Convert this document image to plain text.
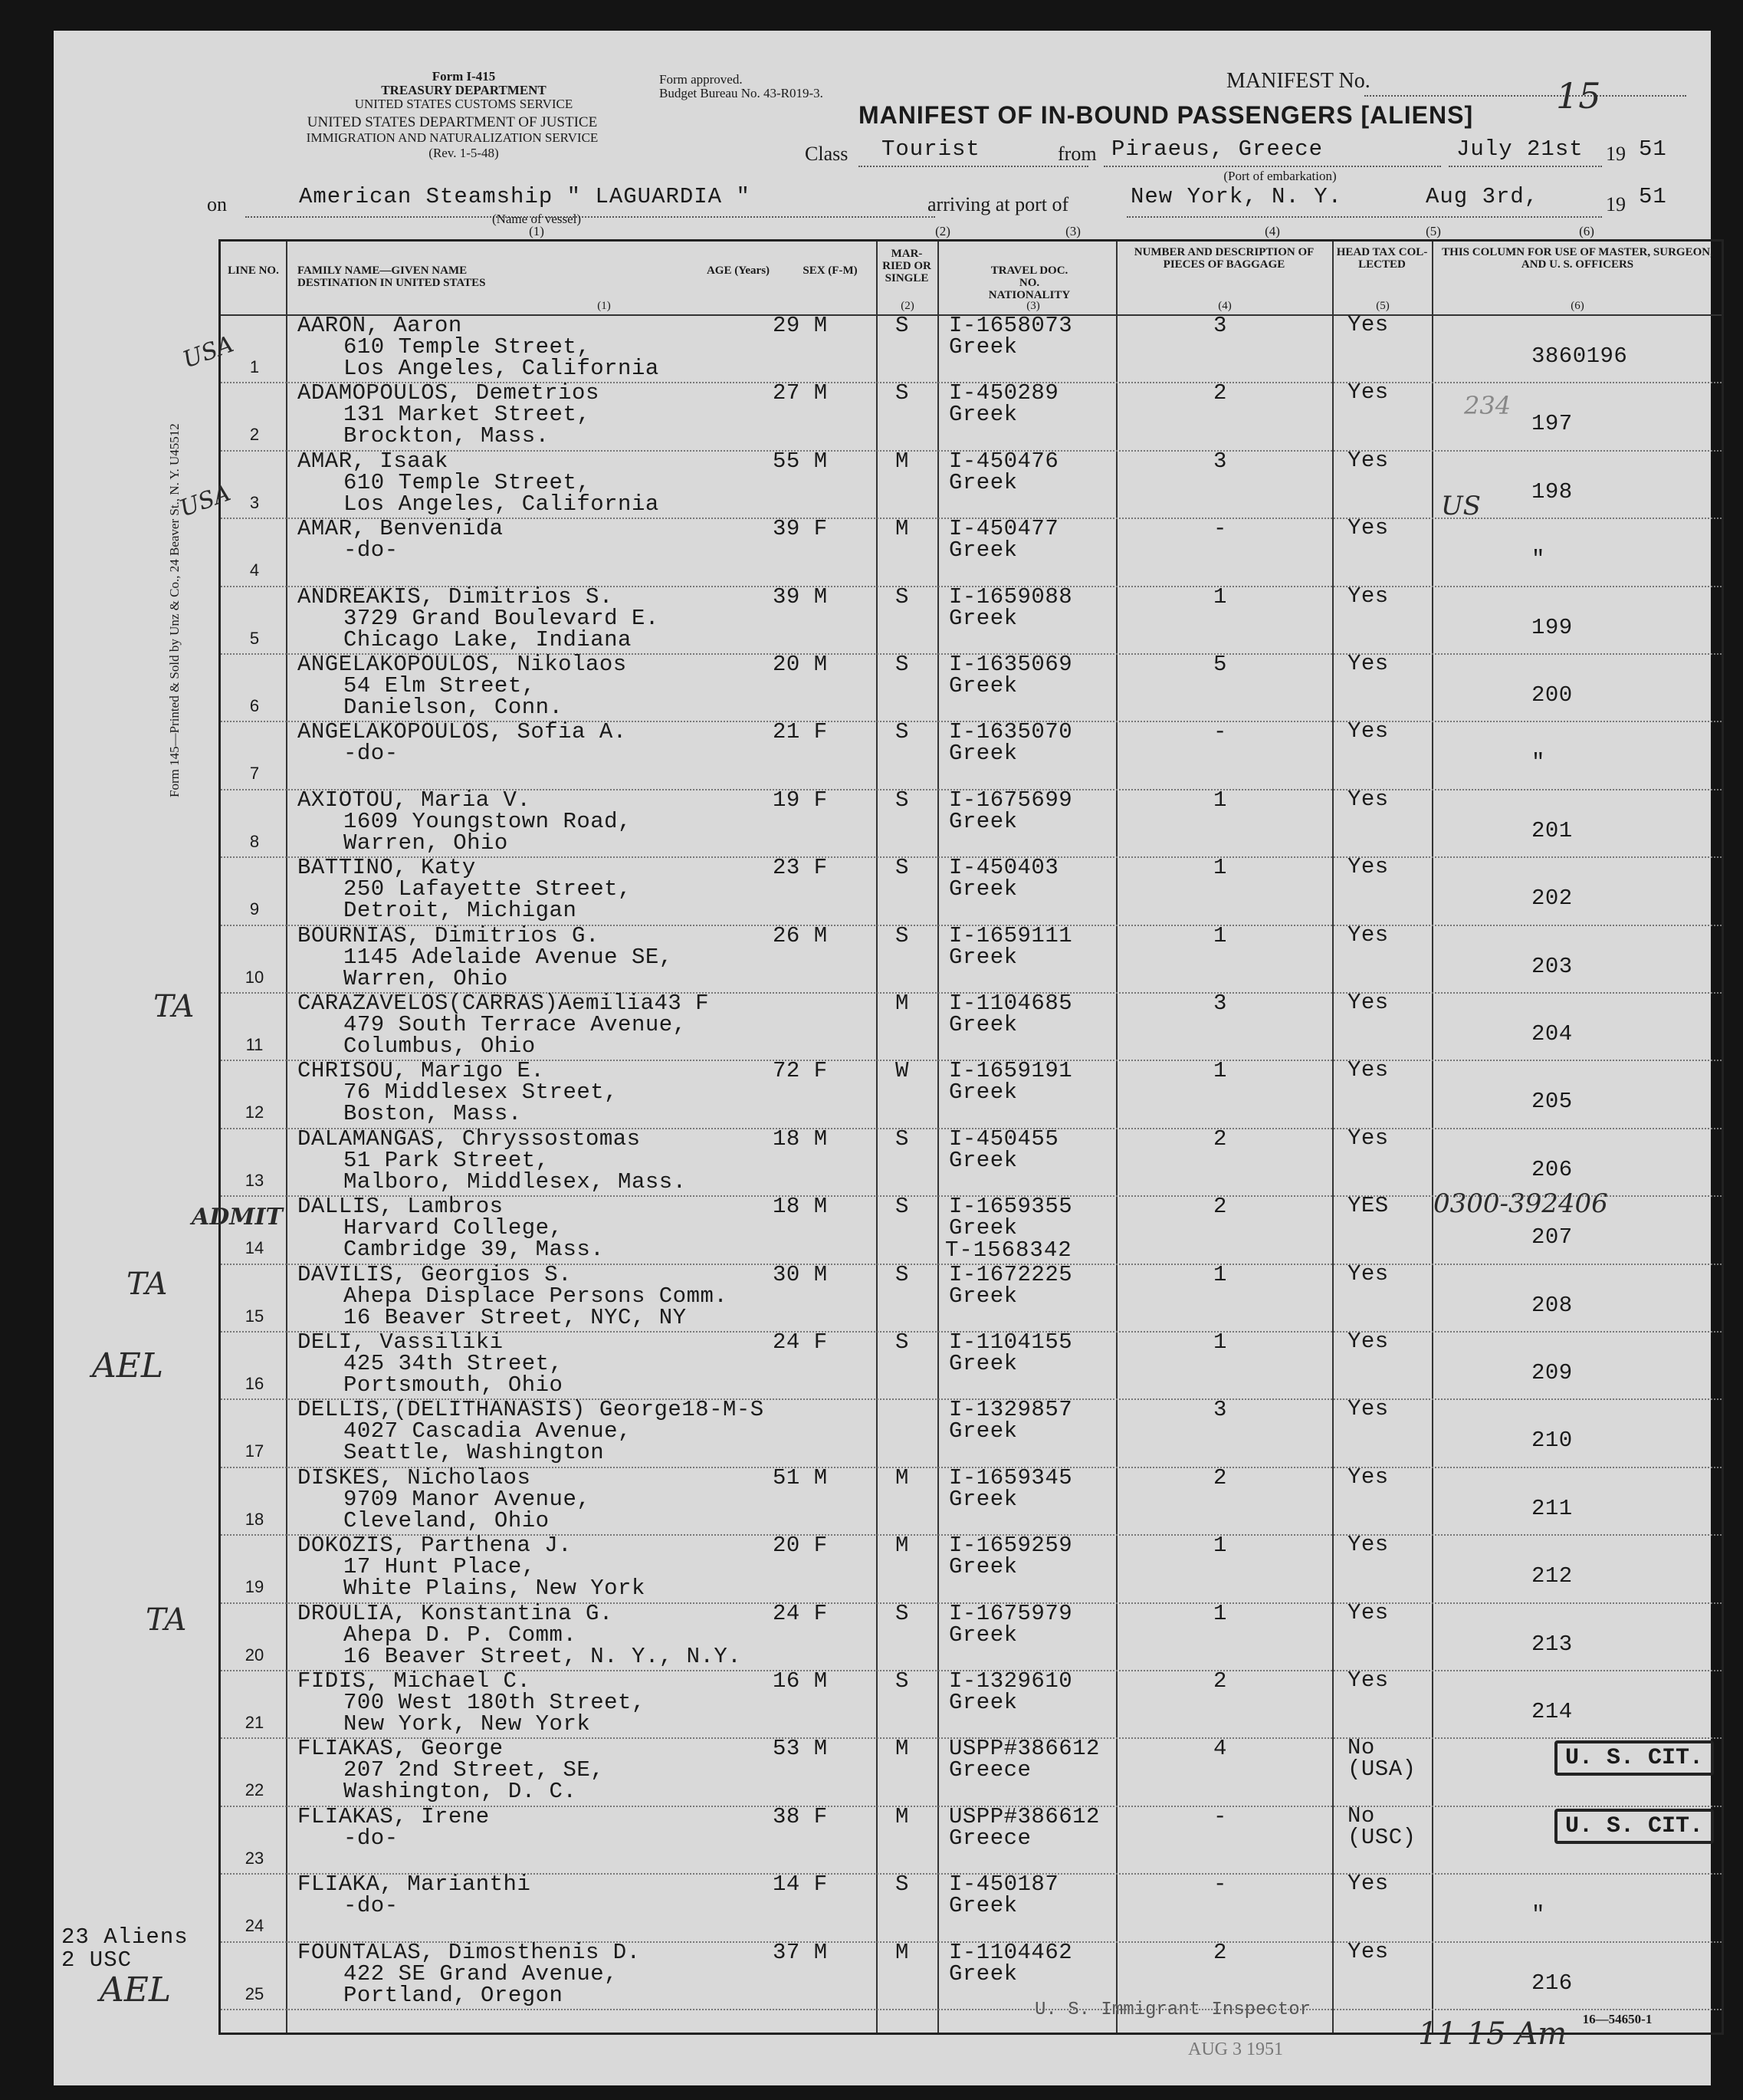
Form I-415
TREASURY DEPARTMENT
UNITED STATES CUSTOMS SERVICE
UNITED STATES DEPARTMENT OF JUSTICE
IMMIGRATION AND NATURALIZATION SERVICE
(Rev. 1-5-48)
Form approved.
Budget Bureau No. 43-R019-3.
MANIFEST No.	15
MANIFEST OF IN-BOUND PASSENGERS [ALIENS]
Class Tourist	from Piraeus, Greece
(Port of embarkation)
July 21st 19 51
on	American Steamship " LAGUARDIA "
(Name of vessel)
(1)
arriving at port of	New York, N. Y.	Aug 3rd,	19 51
(2)	(3)	(4)	(5)	(6)
Form 145—Printed & Sold by Unz & Co., 24 Beaver St., N. Y. U45512
LINE NO.	FAMILY NAME—GIVEN NAME
DESTINATION IN UNITED STATES
AGE (Years)	SEX (F-M)
MAR-RIED OR SINGLE
TRAVEL DOC. NO. NATIONALITY
NUMBER AND DESCRIPTION OF PIECES OF BAGGAGE
HEAD TAX COL-LECTED
THIS COLUMN FOR USE OF MASTER, SURGEON, AND U. S. OFFICERS
(1)	(2)	(3)	(4)	(5)	(6)
1
AARON, Aaron	29 M
610 Temple Street,
Los Angeles, California
S I-1658073
Greek
3	Yes
3860196
2
ADAMOPOULOS, Demetrios	27 M
131 Market Street,
Brockton, Mass.
S I-450289
Greek
2	Yes
197
3
AMAR, Isaak	55 M
610 Temple Street,
Los Angeles, California
M I-450476
Greek
3	Yes
198
4
AMAR, Benvenida	39 F
-do-
M I-450477
Greek
-	Yes
"
5
ANDREAKIS, Dimitrios S.	39 M
3729 Grand Boulevard E.
Chicago Lake, Indiana
S I-1659088
Greek
1	Yes
199
6
ANGELAKOPOULOS, Nikolaos	20 M
54 Elm Street,
Danielson, Conn.
S I-1635069
Greek
5	Yes
200
7
ANGELAKOPOULOS, Sofia A.	21 F
-do-
S I-1635070
Greek
-	Yes
"
8
AXIOTOU, Maria V.	19 F
1609 Youngstown Road,
Warren, Ohio
S I-1675699
Greek
1	Yes
201
9
BATTINO, Katy	23 F
250 Lafayette Street,
Detroit, Michigan
S I-450403
Greek
1	Yes
202
10
BOURNIAS, Dimitrios G.	26 M
1145 Adelaide Avenue SE,
Warren, Ohio
S I-1659111
Greek
1	Yes
203
11
CARAZAVELOS(CARRAS)Aemilia43 F
479 South Terrace Avenue,
Columbus, Ohio
M I-1104685
Greek
3	Yes
204
12
CHRISOU, Marigo E.	72 F
76 Middlesex Street,
Boston, Mass.
W I-1659191
Greek
1	Yes
205
13
DALAMANGAS, Chryssostomas	18 M
51 Park Street,
Malboro, Middlesex, Mass.
S I-450455
Greek
2	Yes
206
14
DALLIS, Lambros	18 M
Harvard College,
Cambridge 39, Mass.
S I-1659355
Greek
2	YES
207
15
DAVILIS, Georgios S.	30 M
Ahepa Displace Persons Comm.
16 Beaver Street, NYC, NY
S I-1672225
Greek
1	Yes
208
16
DELI, Vassiliki	24 F
425 34th Street,
Portsmouth, Ohio
S I-1104155
Greek
1	Yes
209
17
DELLIS,(DELITHANASIS) George18-M-S
4027 Cascadia Avenue,
Seattle, Washington
I-1329857
Greek
3	Yes
210
18
DISKES, Nicholaos	51 M
9709 Manor Avenue,
Cleveland, Ohio
M I-1659345
Greek
2	Yes
211
19
DOKOZIS, Parthena J.	20 F
17 Hunt Place,
White Plains, New York
M I-1659259
Greek
1	Yes
212
20
DROULIA, Konstantina G.	24 F
Ahepa D. P. Comm.
16 Beaver Street, N. Y., N.Y.
S I-1675979
Greek
1	Yes
213
21
FIDIS, Michael C.	16 M
700 West 180th Street,
New York, New York
S I-1329610
Greek
2	Yes
214
22
FLIAKAS, George	53 M
207 2nd Street, SE,
Washington, D. C.
M USPP#386612
Greece
4	No (USA)	U. S. CIT.
23
FLIAKAS, Irene	38 F
-do-
M USPP#386612
Greece
-	No (USC)	U. S. CIT.
24
FLIAKA, Marianthi	14 F
-do-
S I-450187
Greek
-	Yes
"
25
FOUNTALAS, Dimosthenis D.	37 M
422 SE Grand Avenue,
Portland, Oregon
M I-1104462
Greek
2	Yes
216
USA
USA
TA
ADMIT
TA
AEL
TA
23 Aliens
2 USC
AEL
0300-392406
234
US
T-1568342
U. S. Immigrant Inspector
AUG 3 1951
16—54650-1
11 15 Am
